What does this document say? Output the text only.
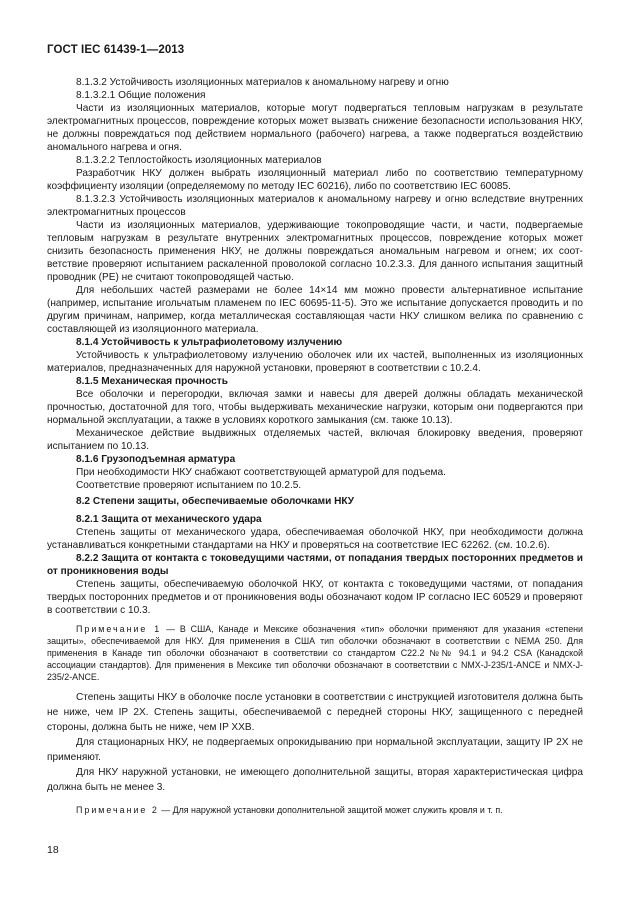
ГОСТ IEC 61439-1—2013

8.1.3.2 Устойчивость изоляционных материалов к аномальному нагреву и огню

8.1.3.2.1 Общие положения

Части из изоляционных материалов, которые могут подвергаться тепловым нагрузкам в результате электромагнитных процессов, повреждение которых может вызвать снижение безопасности использования НКУ, не должны повреждаться под действием нормального (рабочего) нагрева, а также подвергаться воздействию аномального нагрева и огня.

8.1.3.2.2 Теплостойкость изоляционных материалов

Разработчик НКУ должен выбрать изоляционный материал либо по соответствию температурному коэффициенту изоляции (определяемому по методу IEC 60216), либо по соответствию IEC 60085.

8.1.3.2.3 Устойчивость изоляционных материалов к аномальному нагреву и огню вследствие внутренних электромагнитных процессов

Части из изоляционных материалов, удерживающие токопроводящие части, и части, подвергаемые тепловым нагрузкам в результате внутренних электромагнитных процессов, повреждение которых может снизить безопасность применения НКУ, не должны повреждаться аномальным нагревом и огнем; их соответствие проверяют испытанием раскаленной проволокой согласно 10.2.3.3. Для данного испытания защитный проводник (PE) не считают токопроводящей частью.

Для небольших частей размерами не более 14×14 мм можно провести альтернативное испытание (например, испытание игольчатым пламенем по IEC 60695-11-5). Это же испытание допускается проводить и по другим причинам, например, когда металлическая составляющая части НКУ слишком велика по сравнению с составляющей из изоляционного материала.

8.1.4 Устойчивость к ультрафиолетовому излучению

Устойчивость к ультрафиолетовому излучению оболочек или их частей, выполненных из изоляционных материалов, предназначенных для наружной установки, проверяют в соответствии с 10.2.4.

8.1.5 Механическая прочность

Все оболочки и перегородки, включая замки и навесы для дверей должны обладать механической прочностью, достаточной для того, чтобы выдерживать механические нагрузки, которым они подвергаются при нормальной эксплуатации, а также в условиях короткого замыкания (см. также 10.13).

Механическое действие выдвижных отделяемых частей, включая блокировку введения, проверяют испытанием по 10.13.

8.1.6 Грузоподъемная арматура

При необходимости НКУ снабжают соответствующей арматурой для подъема.

Соответствие проверяют испытанием по 10.2.5.

8.2 Степени защиты, обеспечиваемые оболочками НКУ

8.2.1 Защита от механического удара

Степень защиты от механического удара, обеспечиваемая оболочкой НКУ, при необходимости должна устанавливаться конкретными стандартами на НКУ и проверяться на соответствие IEC 62262. (см. 10.2.6).

8.2.2 Защита от контакта с токоведущими частями, от попадания твердых посторонних предметов и от проникновения воды

Степень защиты, обеспечиваемую оболочкой НКУ, от контакта с токоведущими частями, от попадания твердых посторонних предметов и от проникновения воды обозначают кодом IP согласно IEC 60529 и проверяют в соответствии с 10.3.

Примечание 1 — В США, Канаде и Мексике обозначения «тип» оболочки применяют для указания «степени защиты», обеспечиваемой для НКУ. Для применения в США тип оболочки обозначают в соответствии с NEMA 250. Для применения в Канаде тип оболочки обозначают в соответствии со стандартом C22.2 №№ 94.1 и 94.2 CSA (Канадской ассоциации стандартов). Для применения в Мексике тип оболочки обозначают в соответствии с NMX-J-235/1-ANCE и NMX-J-235/2-ANCE.

Степень защиты НКУ в оболочке после установки в соответствии с инструкцией изготовителя должна быть не ниже, чем IP 2X. Степень защиты, обеспечиваемой с передней стороны НКУ, защищенного с передней стороны, должна быть не ниже, чем IP XXB.

Для стационарных НКУ, не подвергаемых опрокидыванию при нормальной эксплуатации, защиту IP 2X не применяют.

Для НКУ наружной установки, не имеющего дополнительной защиты, вторая характеристическая цифра должна быть не менее 3.

Примечание 2 — Для наружной установки дополнительной защитой может служить кровля и т. п.

18
